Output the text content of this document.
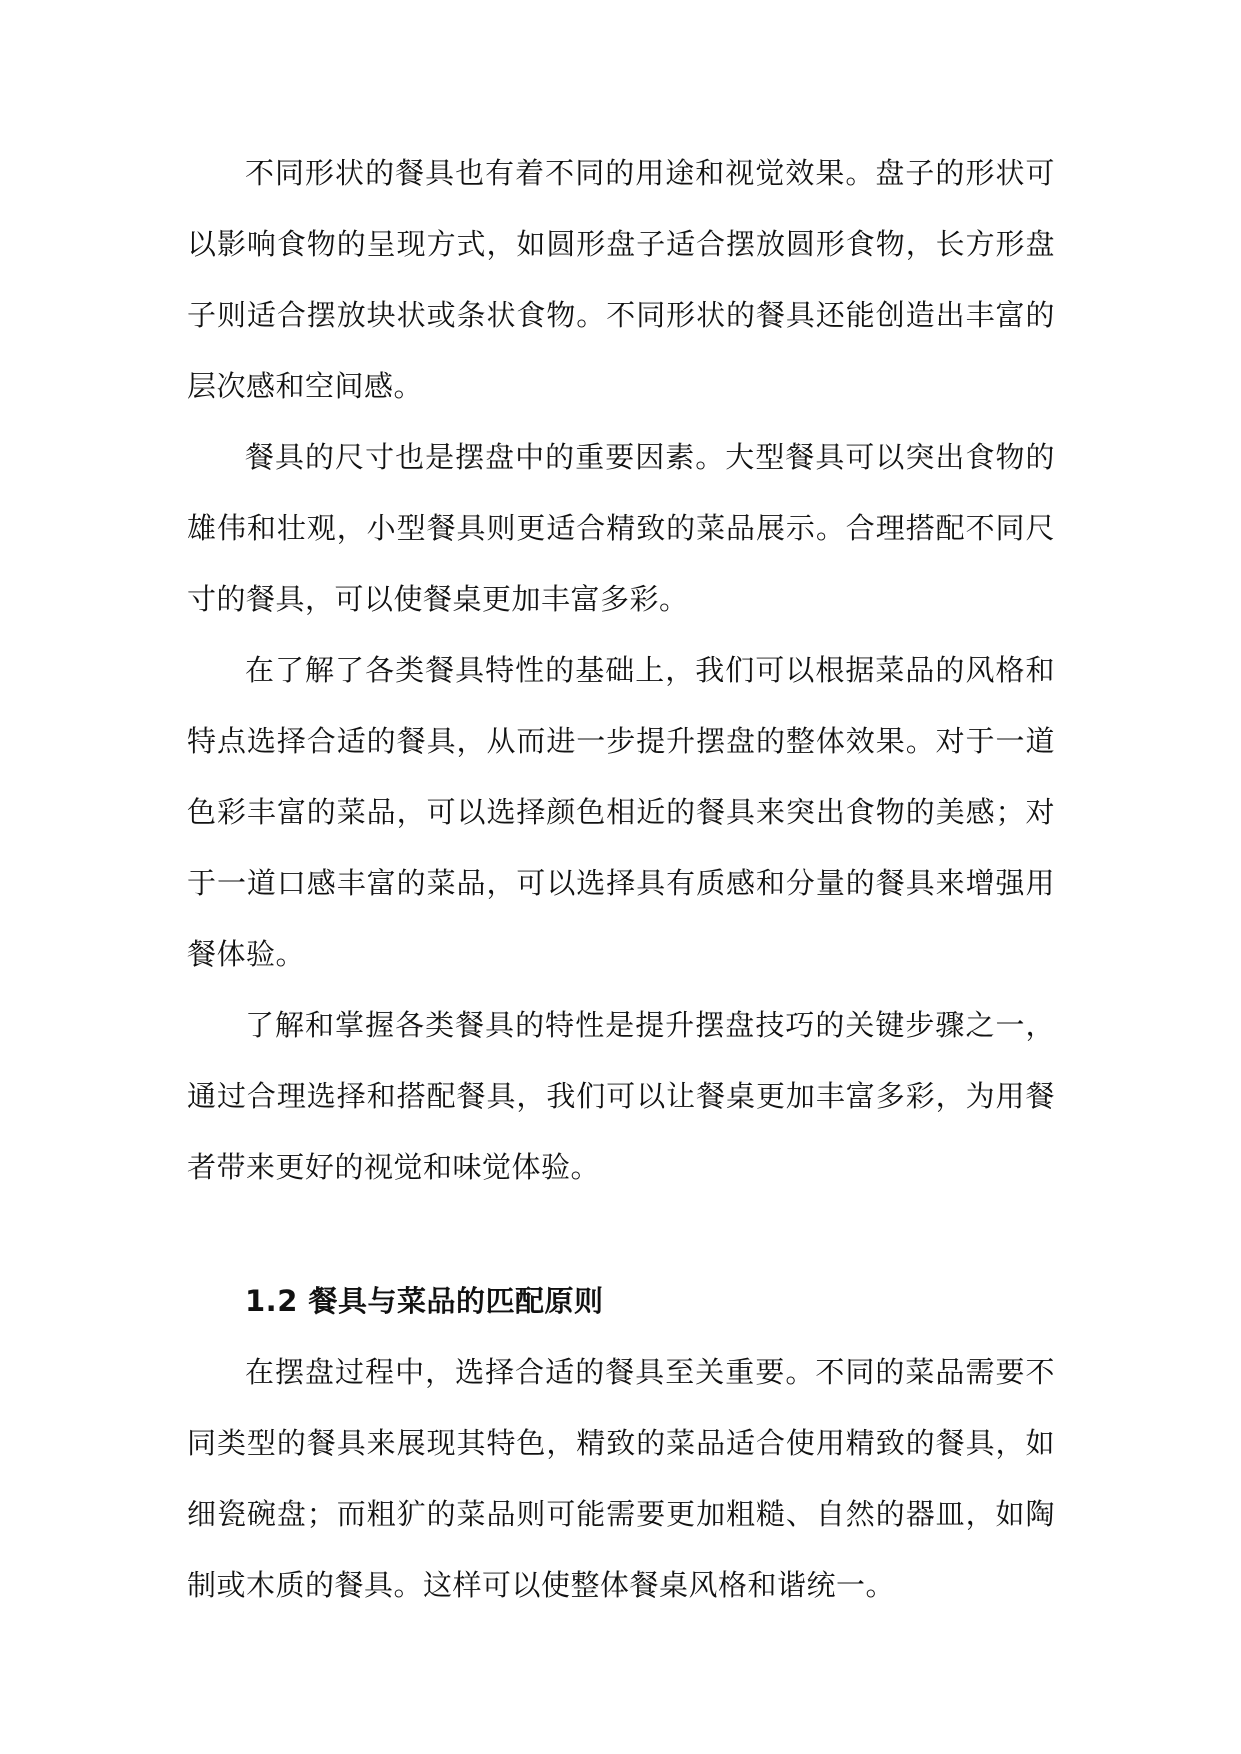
不同形状的餐具也有着不同的用途和视觉效果。盘子的形状可以影响食物的呈现方式，如圆形盘子适合摆放圆形食物，长方形盘子则适合摆放块状或条状食物。不同形状的餐具还能创造出丰富的层次感和空间感。

餐具的尺寸也是摆盘中的重要因素。大型餐具可以突出食物的雄伟和壮观，小型餐具则更适合精致的菜品展示。合理搭配不同尺寸的餐具，可以使餐桌更加丰富多彩。

在了解了各类餐具特性的基础上，我们可以根据菜品的风格和特点选择合适的餐具，从而进一步提升摆盘的整体效果。对于一道色彩丰富的菜品，可以选择颜色相近的餐具来突出食物的美感；对于一道口感丰富的菜品，可以选择具有质感和分量的餐具来增强用餐体验。

了解和掌握各类餐具的特性是提升摆盘技巧的关键步骤之一，通过合理选择和搭配餐具，我们可以让餐桌更加丰富多彩，为用餐者带来更好的视觉和味觉体验。

1.2 餐具与菜品的匹配原则

在摆盘过程中，选择合适的餐具至关重要。不同的菜品需要不同类型的餐具来展现其特色，精致的菜品适合使用精致的餐具，如细瓷碗盘；而粗犷的菜品则可能需要更加粗糙、自然的器皿，如陶制或木质的餐具。这样可以使整体餐桌风格和谐统一。
